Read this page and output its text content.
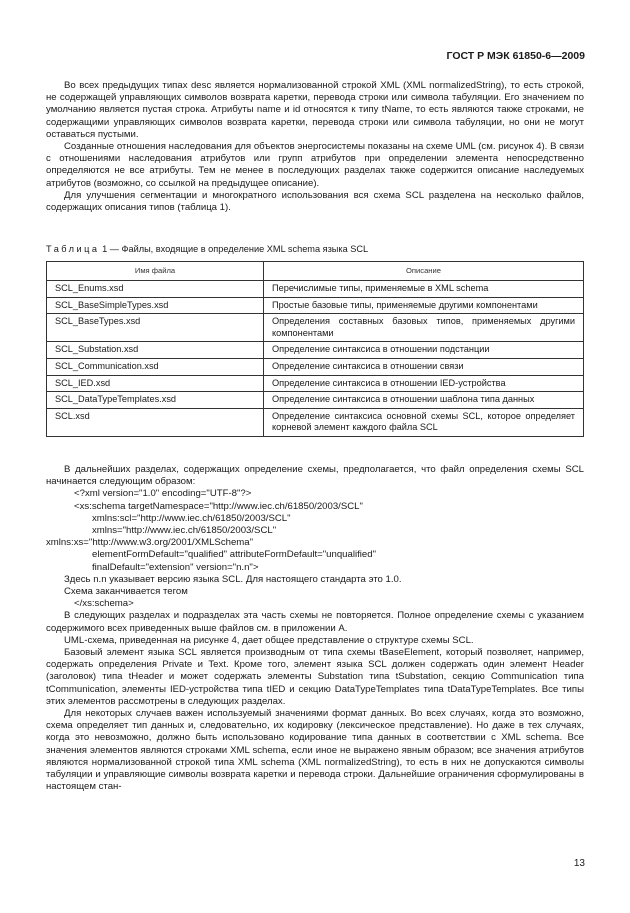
ГОСТ Р МЭК 61850-6—2009

Во всех предыдущих типах desc является нормализованной строкой XML (XML normalizedString), то есть строкой, не содержащей управляющих символов возврата каретки, перевода строки или символа табуляции. Его значением по умолчанию является пустая строка. Атрибуты name и id относятся к типу tName, то есть являются также строками, не содержащими управляющих символов возврата каретки, перевода строки или символа табуляции, но они не могут оставаться пустыми.

Созданные отношения наследования для объектов энергосистемы показаны на схеме UML (см. рисунок 4). В связи с отношениями наследования атрибутов или групп атрибутов при определении элемента непосредственно определяются не все атрибуты. Тем не менее в последующих разделах также содержится описание наследуемых атрибутов (возможно, со ссылкой на предыдущее описание).

Для улучшения сегментации и многократного использования вся схема SCL разделена на несколько файлов, содержащих описания типов (таблица 1).

Таблица 1 — Файлы, входящие в определение XML schema языка SCL
Имя файла	Описание
SCL_Enums.xsd	Перечислимые типы, применяемые в XML schema
SCL_BaseSimpleTypes.xsd	Простые базовые типы, применяемые другими компонентами
SCL_BaseTypes.xsd	Определения составных базовых типов, применяемых другими компонентами
SCL_Substation.xsd	Определение синтаксиса в отношении подстанции
SCL_Communication.xsd	Определение синтаксиса в отношении связи
SCL_IED.xsd	Определение синтаксиса в отношении IED-устройства
SCL_DataTypeTemplates.xsd	Определение синтаксиса в отношении шаблона типа данных
SCL.xsd	Определение синтаксиса основной схемы SCL, которое определяет корневой элемент каждого файла SCL

В дальнейших разделах, содержащих определение схемы, предполагается, что файл определения схемы SCL начинается следующим образом:

<?xml version="1.0" encoding="UTF-8"?>
<xs:schema targetNamespace="http://www.iec.ch/61850/2003/SCL"
xmlns:scl="http://www.iec.ch/61850/2003/SCL"
xmlns="http://www.iec.ch/61850/2003/SCL"
xmlns:xs="http://www.w3.org/2001/XMLSchema"
elementFormDefault="qualified" attributeFormDefault="unqualified"
finalDefault="extension" version="n.n">

Здесь n.n указывает версию языка SCL. Для настоящего стандарта это 1.0.

Схема заканчивается тегом

</xs:schema>

В следующих разделах и подразделах эта часть схемы не повторяется. Полное определение схемы с указанием содержимого всех приведенных выше файлов см. в приложении А.

UML-схема, приведенная на рисунке 4, дает общее представление о структуре схемы SCL.

Базовый элемент языка SCL является производным от типа схемы tBaseElement, который позволяет, например, содержать определения Private и Text. Кроме того, элемент языка SCL должен содержать один элемент Header (заголовок) типа tHeader и может содержать элементы Substation типа tSubstation, секцию Communication типа tCommunication, элементы IED-устройства типа tIED и секцию DataTypeTemplates типа tDataTypeTemplates. Все типы этих элементов рассмотрены в следующих разделах.

Для некоторых случаев важен используемый значениями формат данных. Во всех случаях, когда это возможно, схема определяет тип данных и, следовательно, их кодировку (лексическое представление). Но даже в тех случаях, когда это невозможно, должно быть использовано кодирование типа данных в соответствии с XML schema. Все значения элементов являются строками XML schema, если иное не выражено явным образом; все значения атрибутов являются нормализованной строкой типа XML schema (XML normalizedString), то есть в них не допускаются символы табуляции и управляющие символы возврата каретки и перевода строки. Дальнейшие ограничения сформулированы в настоящем стан-

13
